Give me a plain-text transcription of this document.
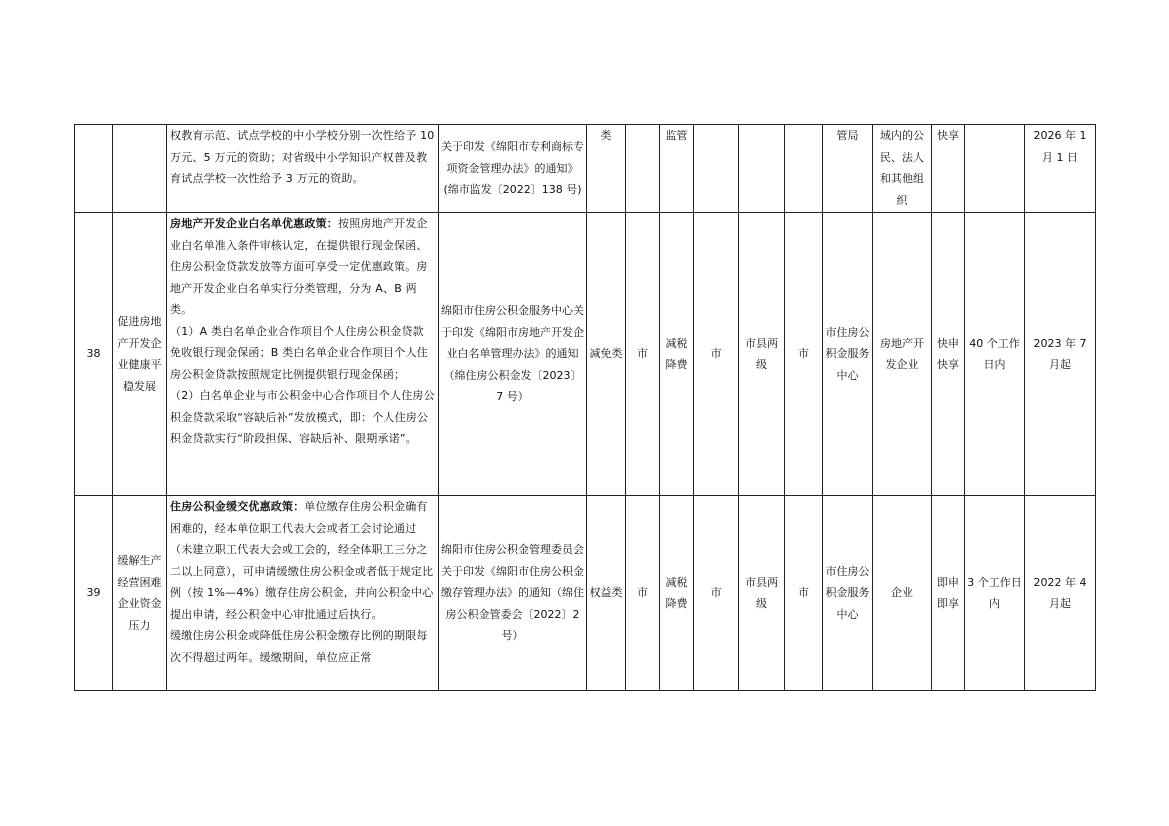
		权教育示范、试点学校的中小学校分别一次性给予 10 万元、5 万元的资助；对省级中小学知识产权普及教育试点学校一次性给予 3 万元的资助。	关于印发《绵阳市专利商标专项资金管理办法》的通知》(绵市监发〔2022〕138 号)	类		监管				管局	域内的公民、法人和其他组织	快享		2026 年 1 月 1 日
38	促进房地产开发企业健康平稳发展	房地产开发企业白名单优惠政策：按照房地产开发企业白名单准入条件审核认定，在提供银行现金保函、住房公积金贷款发放等方面可享受一定优惠政策。房地产开发企业白名单实行分类管理，分为 A、B 两类。
（1）A 类白名单企业合作项目个人住房公积金贷款免收银行现金保函；B 类白名单企业合作项目个人住房公积金贷款按照规定比例提供银行现金保函；
（2）白名单企业与市公积金中心合作项目个人住房公积金贷款采取“容缺后补”发放模式，即：个人住房公积金贷款实行“阶段担保、容缺后补、限期承诺”。	绵阳市住房公积金服务中心关于印发《绵阳市房地产开发企业白名单管理办法》的通知（绵住房公积金发〔2023〕7 号）	减免类	市	减税降费	市	市县两级	市	市住房公积金服务中心	房地产开发企业	快申快享	40 个工作日内	2023 年 7 月起
39	缓解生产经营困难企业资金压力	住房公积金缓交优惠政策：单位缴存住房公积金确有困难的，经本单位职工代表大会或者工会讨论通过（未建立职工代表大会或工会的，经全体职工三分之二以上同意），可申请缓缴住房公积金或者低于规定比例（按 1%—4%）缴存住房公积金，并向公积金中心提出申请，经公积金中心审批通过后执行。
缓缴住房公积金或降低住房公积金缴存比例的期限每次不得超过两年。缓缴期间，单位应正常	绵阳市住房公积金管理委员会关于印发《绵阳市住房公积金缴存管理办法》的通知（绵住房公积金管委会〔2022〕2 号）	权益类	市	减税降费	市	市县两级	市	市住房公积金服务中心	企业	即申即享	3 个工作日内	2022 年 4 月起
